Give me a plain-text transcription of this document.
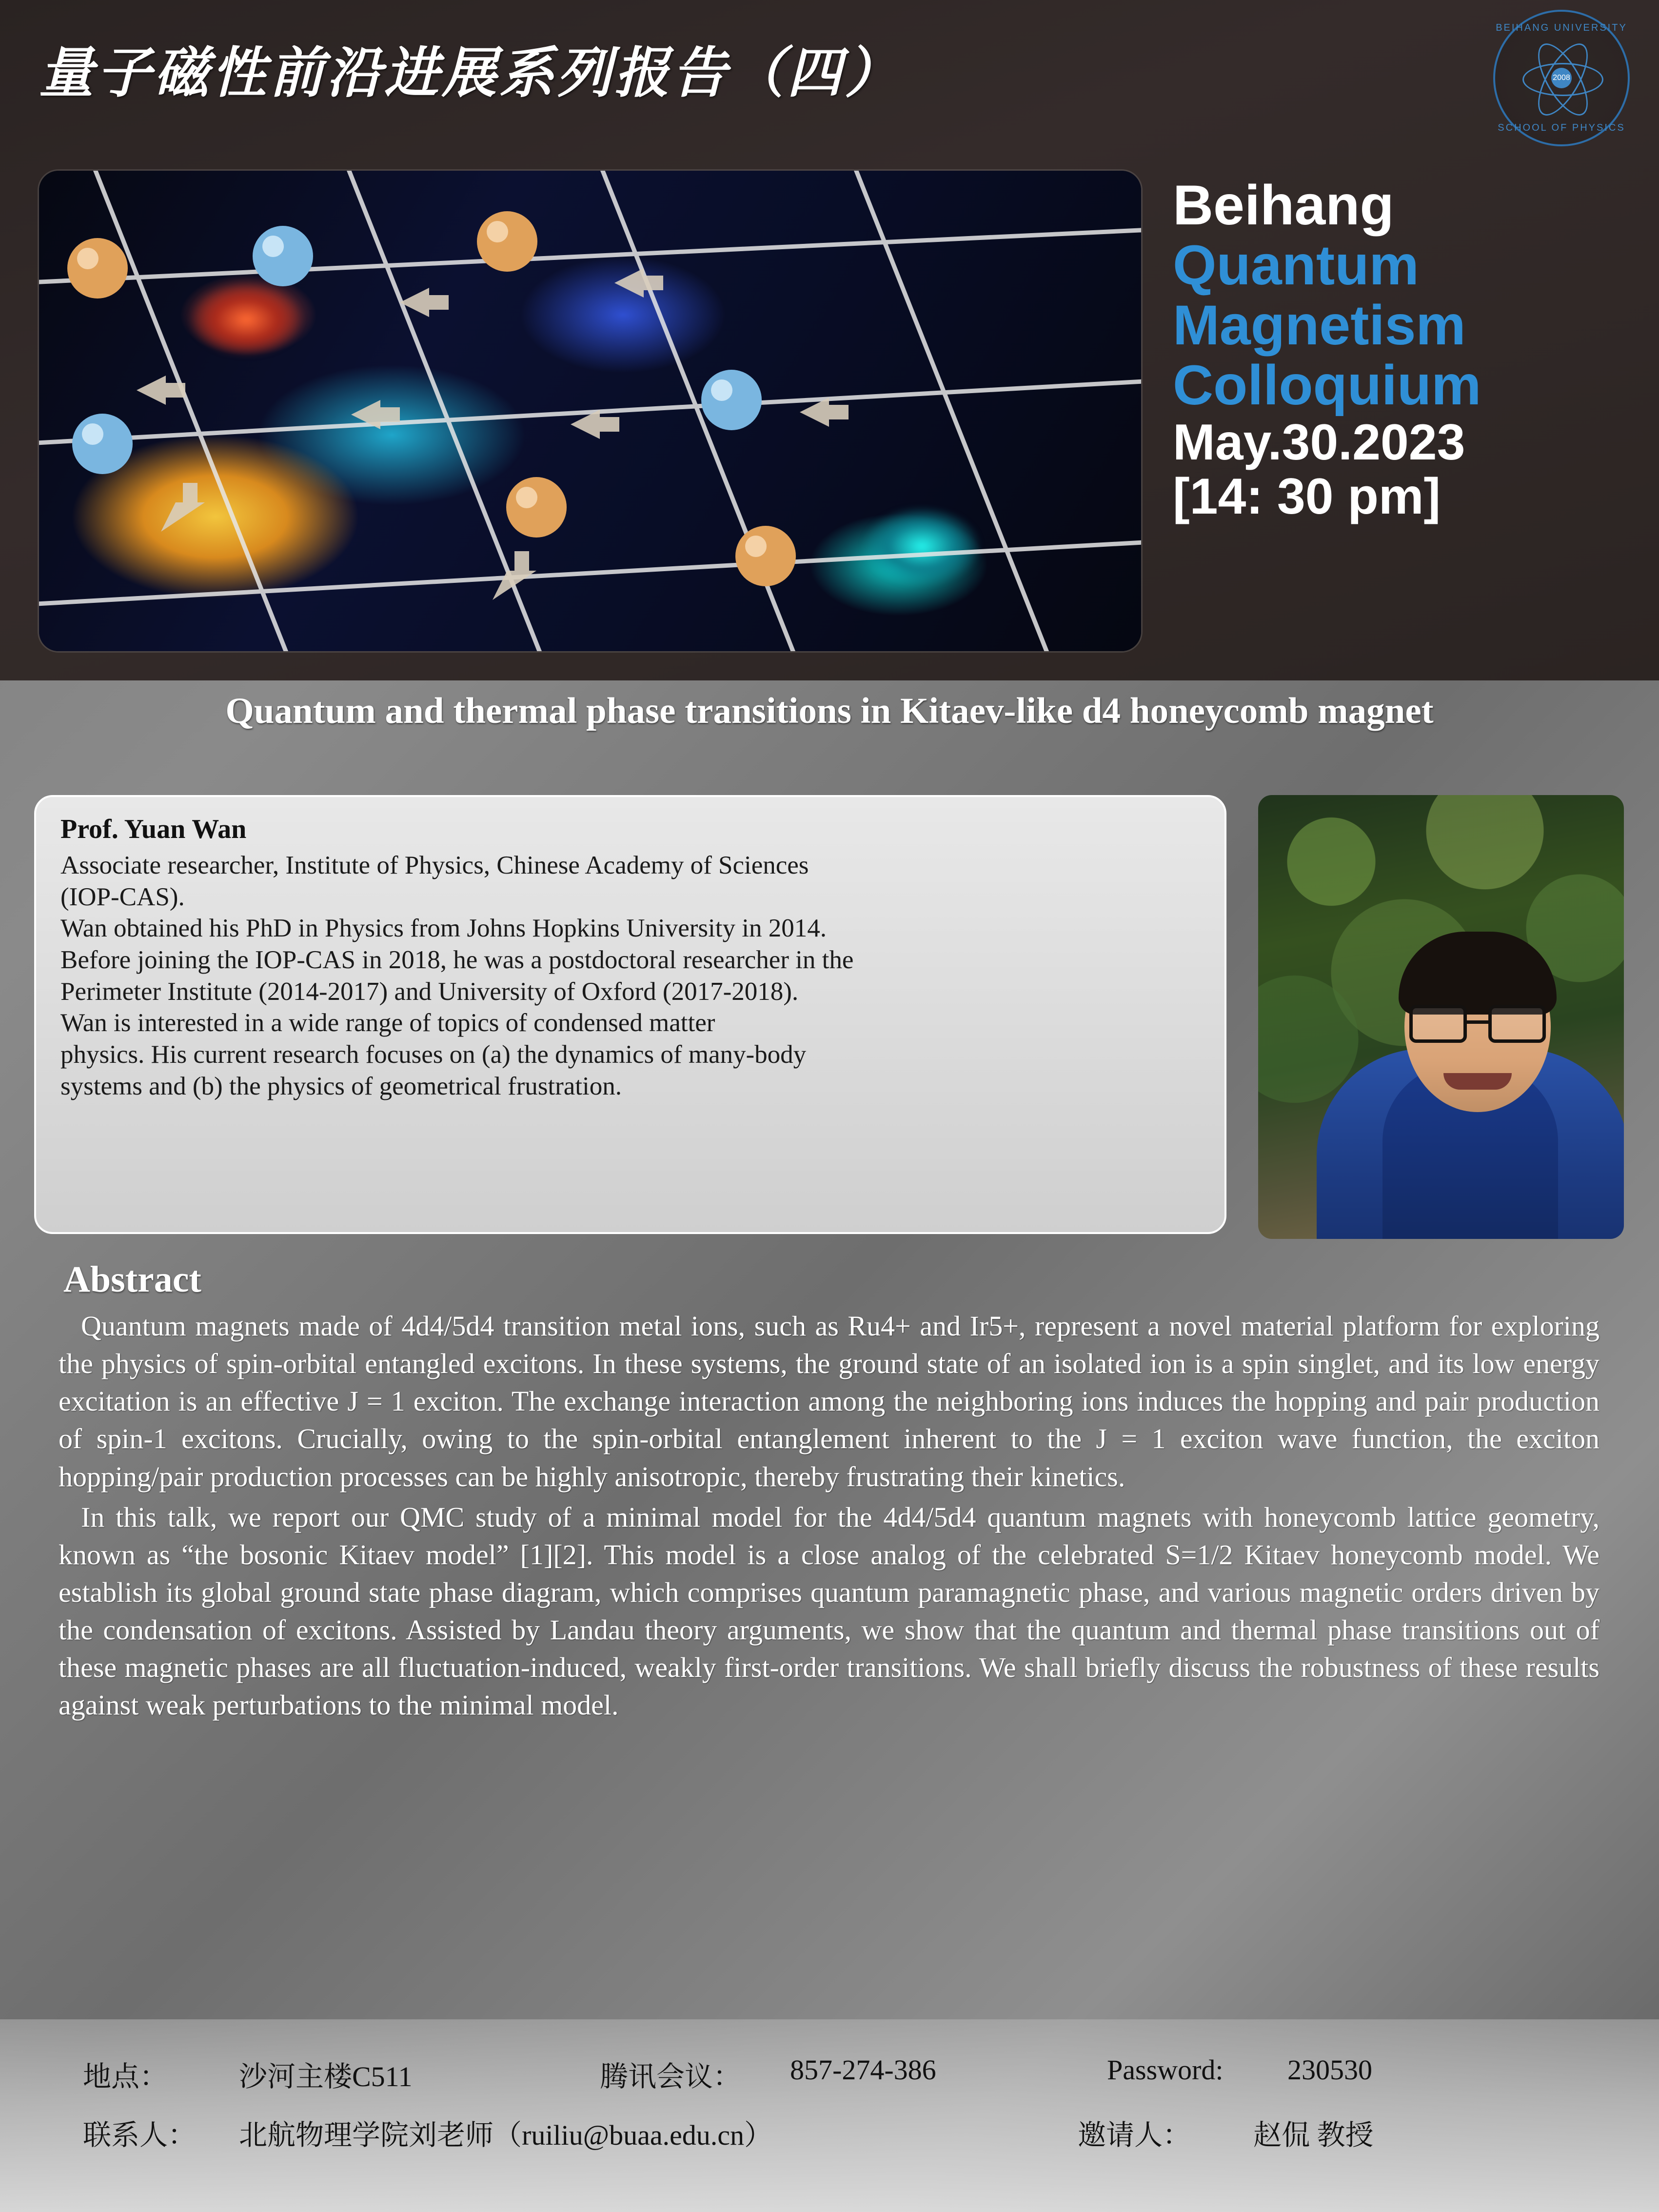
量子磁性前沿进展系列报告（四）
BEIHANG UNIVERSITY
SCHOOL OF PHYSICS
2008
Beihang
Quantum
Magnetism
Colloquium
May.30.2023
[14: 30 pm]
Quantum and thermal phase transitions in Kitaev-like d4 honeycomb magnet
Prof. Yuan Wan

Associate researcher, Institute of Physics, Chinese Academy of Sciences

(IOP-CAS).

Wan obtained his PhD in Physics from Johns Hopkins University in 2014.

Before joining the IOP-CAS in 2018, he was a postdoctoral researcher in the

Perimeter Institute (2014-2017) and University of Oxford (2017-2018).

Wan is interested in a wide range of topics of condensed matter

physics. His current research focuses on (a) the dynamics of many-body

systems and (b) the physics of geometrical frustration.

Abstract

Quantum magnets made of 4d4/5d4 transition metal ions, such as Ru4+ and Ir5+, represent a novel material platform for exploring the physics of spin-orbital entangled excitons. In these systems, the ground state of an isolated ion is a spin singlet, and its low energy excitation is an effective J = 1 exciton. The exchange interaction among the neighboring ions induces the hopping and pair production of spin-1 excitons. Crucially, owing to the spin-orbital entanglement inherent to the J = 1 exciton wave function, the exciton hopping/pair production processes can be highly anisotropic, thereby frustrating their kinetics.

In this talk, we report our QMC study of a minimal model for the 4d4/5d4 quantum magnets with honeycomb lattice geometry, known as “the bosonic Kitaev model” [1][2]. This model is a close analog of the celebrated S=1/2 Kitaev honeycomb model. We establish its global ground state phase diagram, which comprises quantum paramagnetic phase, and various magnetic orders driven by the condensation of excitons. Assisted by Landau theory arguments, we show that the quantum and thermal phase transitions out of these magnetic phases are all fluctuation-induced, weakly first-order transitions. We shall briefly discuss the robustness of these results against weak perturbations to the minimal model.

地点：	沙河主楼C511	腾讯会议： 857-274-386	Password: 230530
联系人： 北航物理学院刘老师（ruiliu@buaa.edu.cn）	邀请人： 赵侃 教授
